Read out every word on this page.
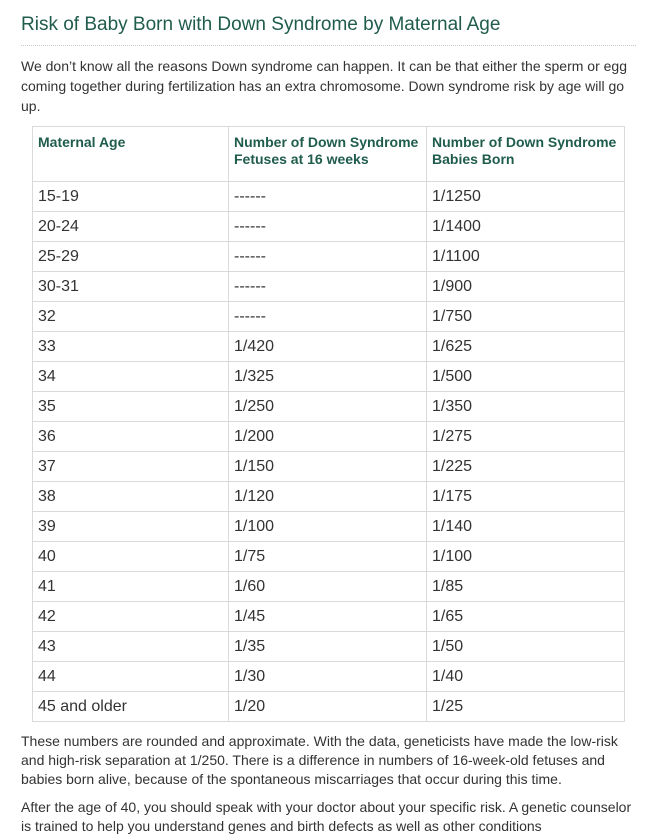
Risk of Baby Born with Down Syndrome by Maternal Age

We don’t know all the reasons Down syndrome can happen. It can be that either the sperm or egg coming together during fertilization has an extra chromosome. Down syndrome risk by age will go up.

Maternal Age	Number of Down Syndrome Fetuses at 16 weeks	Number of Down Syndrome Babies Born
15-19	------	1/1250
20-24	------	1/1400
25-29	------	1/1100
30-31	------	1/900
32	------	1/750
33	1/420	1/625
34	1/325	1/500
35	1/250	1/350
36	1/200	1/275
37	1/150	1/225
38	1/120	1/175
39	1/100	1/140
40	1/75	1/100
41	1/60	1/85
42	1/45	1/65
43	1/35	1/50
44	1/30	1/40
45 and older	1/20	1/25

These numbers are rounded and approximate. With the data, geneticists have made the low-risk and high-risk separation at 1/250. There is a difference in numbers of 16-week-old fetuses and babies born alive, because of the spontaneous miscarriages that occur during this time.

After the age of 40, you should speak with your doctor about your specific risk. A genetic counselor is trained to help you understand genes and birth defects as well as other conditions
